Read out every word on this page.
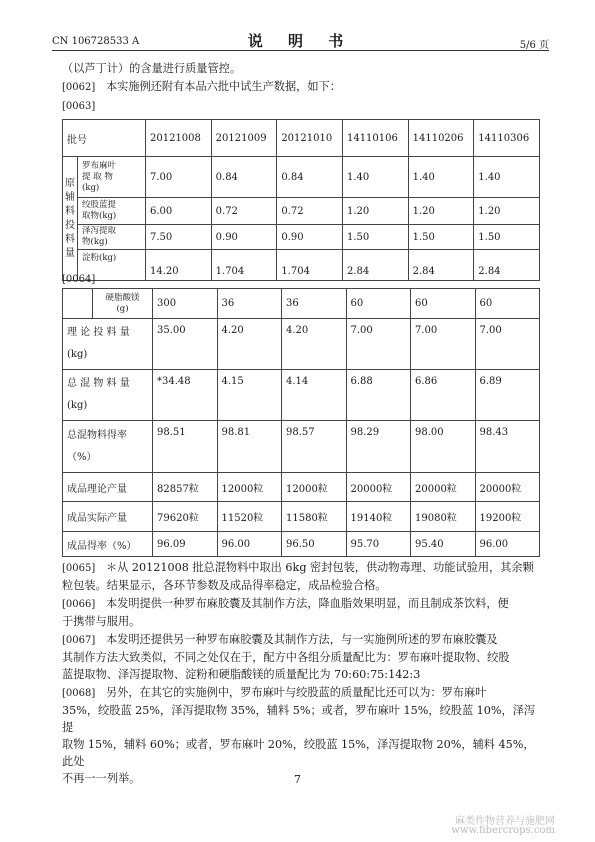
CN 106728533 A	说 明 书	5/6 页
（以芦丁计）的含量进行质量管控。
[0062] 本实施例还附有本品六批中试生产数据，如下：
[0063]
批号		20121008	20121009	20121010	14110106	14110206	14110306
原辅料投料量	罗布麻叶
提 取 物
(kg)	7.00	0.84	0.84	1.40	1.40	1.40
	绞股蓝提
取物(kg)	6.00	0.72	0.72	1.20	1.20	1.20
	泽泻提取
物(kg)	7.50	0.90	0.90	1.50	1.50	1.50
	淀粉(kg)	14.20	1.704	1.704	2.84	2.84	2.84
[0064]
	硬脂酸镁
(g)	300	36	36	60	60	60
理 论 投 料 量
(kg)		35.00	4.20	4.20	7.00	7.00	7.00
总 混 物 料 量
(kg)		*34.48	4.15	4.14	6.88	6.86	6.89
总混物料得率
（%）		98.51	98.81	98.57	98.29	98.00	98.43
成品理论产量		82857粒	12000粒	12000粒	20000粒	20000粒	20000粒
成品实际产量		79620粒	11520粒	11580粒	19140粒	19080粒	19200粒
成品得率（%）		96.09	96.00	96.50	95.70	95.40	96.00
[0065] ＊从 20121008 批总混物料中取出 6kg 密封包装，供动物毒理、功能试验用，其余颗
粒包装。结果显示，各环节参数及成品得率稳定，成品检验合格。
[0066] 本发明提供一种罗布麻胶囊及其制作方法，降血脂效果明显，而且制成茶饮料，便
于携带与服用。
[0067] 本发明还提供另一种罗布麻胶囊及其制作方法，与一实施例所述的罗布麻胶囊及
其制作方法大致类似，不同之处仅在于，配方中各组分质量配比为：罗布麻叶提取物、绞股
蓝提取物、泽泻提取物、淀粉和硬脂酸镁的质量配比为 70:60:75:142:3
[0068] 另外，在其它的实施例中，罗布麻叶与绞股蓝的质量配比还可以为：罗布麻叶
35%，绞股蓝 25%，泽泻提取物 35%，辅料 5%；或者，罗布麻叶 15%，绞股蓝 10%，泽泻提
取物 15%，辅料 60%；或者，罗布麻叶 20%，绞股蓝 15%，泽泻提取物 20%，辅料 45%，此处
不再一一列举。	7
麻类作物营养与施肥网
www.fibercrops.com
